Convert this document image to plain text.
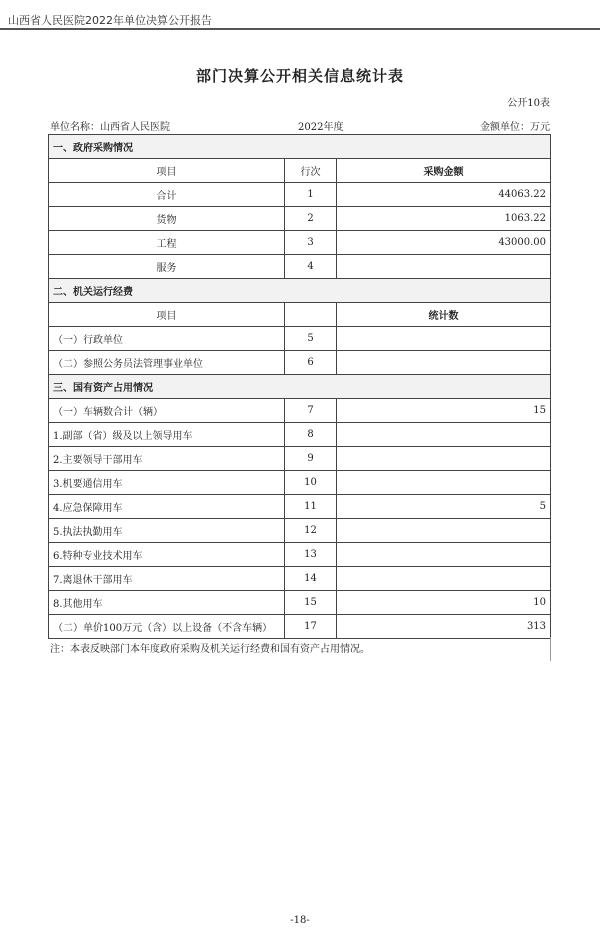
山西省人民医院2022年单位决算公开报告
部门决算公开相关信息统计表
公开10表
单位名称：山西省人民医院	2022年度	金额单位：万元
一、政府采购情况		
项目	行次	采购金额
合计	1	44063.22
货物	2	1063.22
工程	3	43000.00
服务	4	
二、机关运行经费		
项目		统计数
（一）行政单位	5	
（二）参照公务员法管理事业单位	6	
三、国有资产占用情况		
（一）车辆数合计（辆）	7	15
1.副部（省）级及以上领导用车	8	
2.主要领导干部用车	9	
3.机要通信用车	10	
4.应急保障用车	11	5
5.执法执勤用车	12	
6.特种专业技术用车	13	
7.离退休干部用车	14	
8.其他用车	15	10
（二）单价100万元（含）以上设备（不含车辆）	17	313
注：本表反映部门本年度政府采购及机关运行经费和国有资产占用情况。
-18-
